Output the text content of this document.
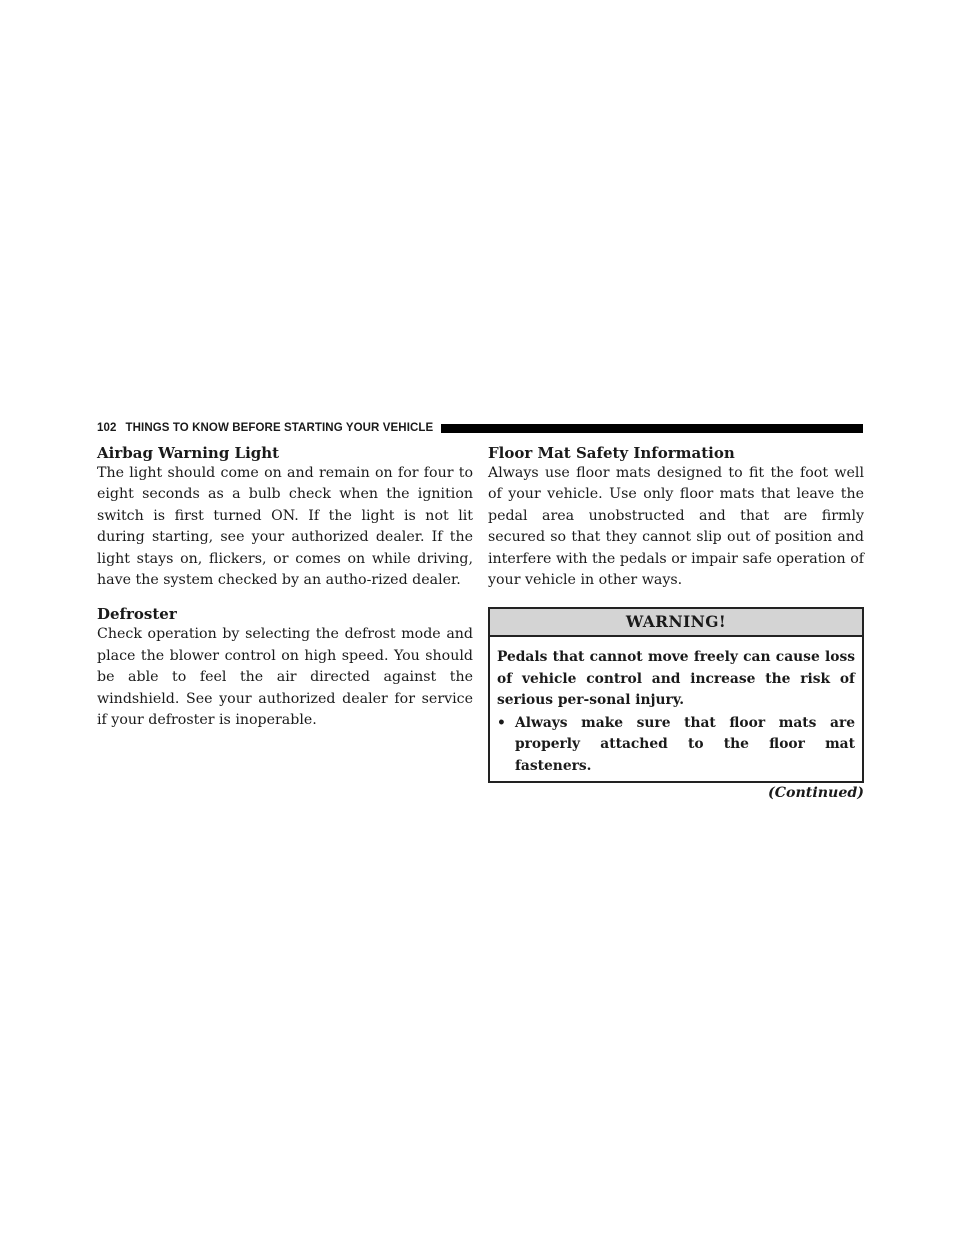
102 THINGS TO KNOW BEFORE STARTING YOUR VEHICLE
Airbag Warning Light

The light should come on and remain on for four to eight seconds as a bulb check when the ignition switch is first turned ON. If the light is not lit during starting, see your authorized dealer. If the light stays on, flickers, or comes on while driving, have the system checked by an autho-rized dealer.

Defroster

Check operation by selecting the defrost mode and place the blower control on high speed. You should be able to feel the air directed against the windshield. See your authorized dealer for service if your defroster is inoperable.

Floor Mat Safety Information

Always use floor mats designed to fit the foot well of your vehicle. Use only floor mats that leave the pedal area unobstructed and that are firmly secured so that they cannot slip out of position and interfere with the pedals or impair safe operation of your vehicle in other ways.

WARNING!

Pedals that cannot move freely can cause loss of vehicle control and increase the risk of serious per-sonal injury.

• Always make sure that floor mats are properly attached to the floor mat fasteners.
(Continued)
